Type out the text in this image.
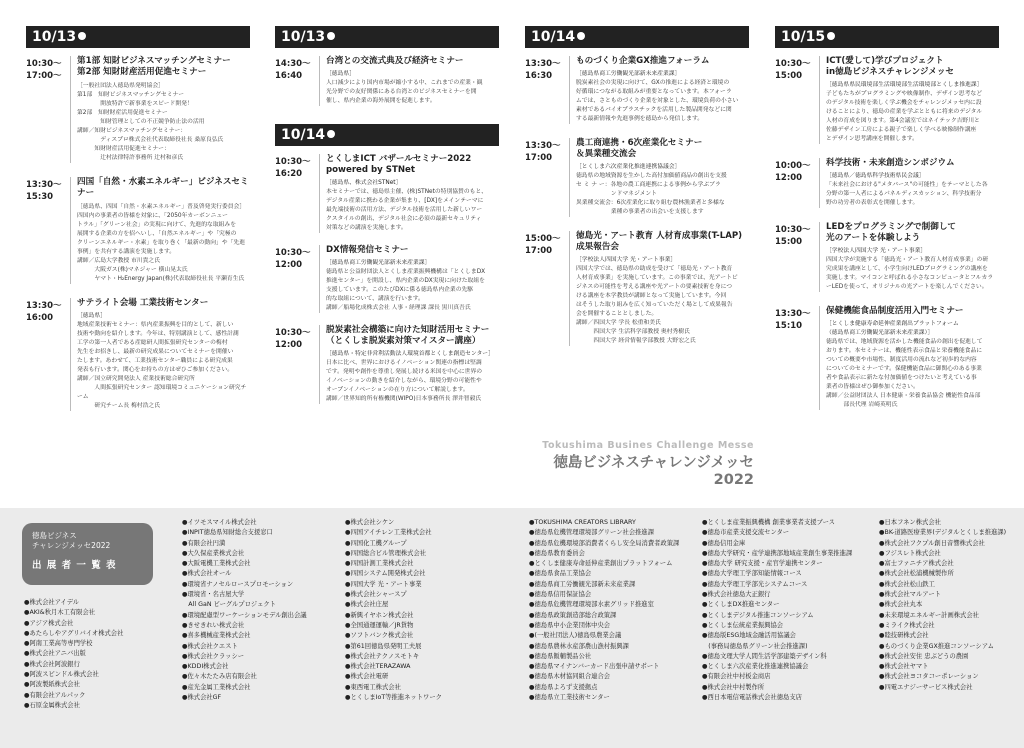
10/13
10:30～
17:00～
第1部 知財ビジネスマッチングセミナー
第2部 知財財産活用促進セミナー
［一般社団法人徳島県発明協会］
第1部　知財ビジネスマッチングセミナー
　　　　開放特許で新事業をスピード開発！
第2部　知財財産活用促進セミナー
　　　　知財管理としての不正競争防止法の活用
講師／知財ビジネスマッチングセミナー：
　　　　ディスプロ株式会社代表取締役社長 桑原良弘氏
　　　知財財産活用促進セミナー：
　　　　辻村法律特許事務所 辻村和彦氏
13:30～
15:30
四国「自然・水素エネルギー」ビジネスセミナー
［徳島県、四国「自然・水素エネルギー」普及啓発実行委員会］
四国内の事業者の皆様を対象に、「2050年カーボンニュー
トラル」「グリーン社会」の実現に向けて、先進的な取組みを
展開する企業の方を招へいし、「自然エネルギー」や「究極の
クリーンエネルギー・水素」を取り巻く「最新の動向」や「先進
事例」を共有する講演を実施します。
講師／広島大学教授 市川貴之氏
　　　大阪ガス(株)マネジャー 横山晃太氏
　　　ヤマト・H₂Energy Japan(株)代表取締役社長 平瀬育生氏
13:30～
16:00
サテライト会場 工業技術センター
［徳島県］
地域産業技術セミナー：県内産業振興を目的として、新しい
技術や動向を紹介します。今年は、特別講演として、感性計測
工学の第一人者である産総研人間拡張研究センターの梅村
先生をお招きし、最新の研究成果についてセミナーを開催い
たします。あわせて、工業技術センター職員による研究成果
発表も行います。関心をお持ちの方はぜひご参加ください。
講師／国立研究開発法人 産業技術総合研究所
　　　人間拡張研究センター 認知環境コミュニケーション研究チーム
　　　研究チーム長 梅村浩之氏
10/13
14:30～
16:40
台湾との交流式典及び経済セミナー
［徳島県］
人口減少により国内市場が縮小する中、これまでの産業・観
光分野での友好関係にある台湾とのビジネスセミナーを開
催し、県内企業の海外展開を促進します。
10/14
10:30～
16:20
とくしまICT バザールセミナー2022
powered by STNet
［徳島県、株式会社STNet］
本セミナーでは、徳島県主催、(株)STNetの特別協賛のもと、
デジタル産業に携わる企業が集まり、[DX]をメインテーマに
最先端技術の活用方法、デジタル技術を活用した新しいワー
クスタイルの創出、デジタル社会に必須の最新セキュリティ
対策などの講演を実施します。
10:30～
12:00
DX情報発信セミナー
［徳島県商工労働観光部新未来産業課］
徳島県と公益財団法人とくしま産業振興機構は「とくしまDX
推進センター」を開設し、県内企業のDX実現に向けた取組を
支援しています。このたびDXに係る徳島県内企業の先駆
的な取組について、講演を行います。
講師／船場化成株式会社 人事・経理課 課長 黒川真吾氏
10:30～
12:00
脱炭素社会構築に向けた知財活用セミナー
（とくしま脱炭素対策マイスター講座）
［徳島県・特定非営利活動法人環境首都とくしま創造センター］
日本に比べ、世界におけるイノベーション関連の指標は堅調
です。発明や創作を尊重し発展し続ける米国を中心に世界の
イノベーションの動きを紹介しながら、環境分野の可能性や
オープンイノベーションの在り方について解説します。
講師／世界知的所有権機関(WIPO)日本事務所長 澤井智毅氏
10/14
13:30～
16:30
ものづくり企業GX推進フォーラム
［徳島県商工労働観光部新未来産業課］
脱炭素社会の実現に向けて、GXの推進による経済と環境の
好循環につながる取組みが重要となっています。本フォーラ
ムでは、さとものづくり企業を対象とした、環境負荷の小さい
素材であるバイオプラスチックを活用した製品開発などに関
する最新情報や先進事例を徳島から発信します。
13:30～
17:00
農工商連携・6次産業化セミナー
＆異業種交流会
［とくしま六次産業化推進連携協議会］
徳島県の地域資源を生かした高付加価値商品の創出を支援
セ ミ ナ ー：各地の農工商連携による事例から学ぶブラ
　　　　　　ンドマネジメント
異業種交流会：6次産業化に取り組む農林漁業者と多様な
　　　　　　業種の事業者の出会いを支援します
15:00～
17:00
徳島光・アート教育 人材育成事業(T-LAP)成果報告会
［学校法人四国大学 光・アート事業］
四国大学では、徳島県の助成を受けて「徳島光・アート教育
人材育成事業」を実施しています。この事業では、光アートビ
ジネスの可能性を考える講座や光アートの要素技術を身につ
ける講座を本学教員が講師となって実施しています。今回
はそうした取り組みを広く知っていただく場として成果報告
会を開催することとしました。
講師／四国大学 学長 松重和美氏
　　　四国大学 生活科学部教授 奥村秀樹氏
　　　四国大学 経営情報学部教授 大野宏之氏
10/15
10:30～
15:00
ICT(愛して)学びプロジェクト
in徳島ビジネスチャレンジメッセ
［徳島県県民環境部生活環境部生活環境部とくしま推進課］
子どもたちがプログラミングや映像制作、デザイン思考など
のデジタル技術を楽しく学ぶ機会をチャレンジメッセ内に設
けることにより、徳島の産業を学ぶとともに将来のデジタル
人材の育成を図ります。第4会議室ではネイテック吉野川と
佐藤デザイン工房による親子で楽しく学べる映像制作講座
とデザイン思考講座を開催します。
10:00～
12:00
科学技術・未来創造シンポジウム
［徳島県／徳島県科学技術県民会議］
「未来社会における"メタバース"の可能性」をテーマとした各
分野の第一人者によるパネルディスカッション、科学技術分
野の功労者の表彰式を開催します。
10:30～
15:00
LEDをプログラミングで制御して
光のアートを体験しよう
［学校法人四国大学 光・アート事業］
四国大学が実施する「徳島光・アート教育人材育成事業」の研
究成果を講座として、小学生向けLEDプログラミングの講座を
実施します。マイコンと呼ばれる小さなコンピュータとフルカラ
ーLEDを使って、オリジナルの光アートを楽しんでください。
13:30～
15:10
保健機能食品制度活用入門セミナー
［とくしま健康寿命延伸産業創出プラットフォーム
（徳島県商工労働観光部新未来産業課）］
徳島県では、地域資源を活かした機能食品の創出を促進して
おります。本セミナーは、機能性表示食品と栄養機能食品に
ついての概要や市場性、制度活用の流れなど初歩的な内容
についてのセミナーです。保健機能食品に御関心のある事業
者や食品表示に新たな付加価値をつけたいと考えている事
業者の皆様はぜひ御参加ください。
講師／公益財団法人 日本健康・栄養食品協会 機能性食品部
　　　部長代理 岩崎英明氏
Tokushima Busines Challenge Messe
徳島ビジネスチャレンジメッセ 2022
徳島ビジネス
チャレンジメッセ2022
出 展 者 一 覧 表
●株式会社アイデル
●AKI&秋月木工有限会社
●アジア株式会社
●あたらしやアグリバイオ株式会社
●阿南工業高等専門学校
●株式会社アニバ出版
●株式会社阿波銀行
●阿波スピンドル株式会社
●阿波製紙株式会社
●有限会社アルパック
●石原金属株式会社
●イツモスマイル株式会社
●INPIT徳島県知財総合支援窓口
●有限会社円満
●大久保産業株式会社
●大阪電機工業株式会社
●株式会社オール
●環境省ナノセルロースプロモーション
●環境省・名古屋大学
　All GaN ビーグルプロジェクト
●環境配慮型ワーケーションモデル創出会議
●きせきれい株式会社
●喜多機械産業株式会社
●株式会社クエスト
●株式会社クラッシー
●KDDI株式会社
●佐々木たたみ店有限会社
●産光金属工業株式会社
●株式会社GF
●株式会社シケン
●四国アイチレン工業株式会社
●四国化工機グループ
●四国総合ビル管理株式会社
●四国計測工業株式会社
●四国システム開発株式会社
●四国大学 光・アート事業
●株式会社シャースプ
●株式会社庄屋
●新興イヤホン株式会社
●全国通運運輸／JR貨物
●ソフトバンク株式会社
●第61回徳島県発明工夫展
●株式会社テクノスモトキ
●株式会社TERAZAWA
●株式会社電研
●東西電工株式会社
●とくしまIoT等推進ネットワーク
●TOKUSHIMA CREATORS LIBRARY
●徳島県危機管理環境部グリーン社会推進課
●徳島県危機環境部消費者くらし安全局消費者政策課
●徳島県教育委員会
●とくしま健康寿命延伸産業創出プラットフォーム
●徳島県食品工業協会
●徳島県商工労働観光部新未来産業課
●徳島県信用保証協会
●徳島県危機管理環境部水素グリッド推進室
●徳島県政策創造部総合政策課
●徳島県中小企業団体中央会
●(一般社団法人)徳島県農業会議
●徳島県農林水産部農山漁村振興課
●徳島県飯輔製品公社
●徳島県マイナンバーカード出張申請サポート
●徳島県木材協同組合連合会
●徳島県よろず支援拠点
●徳島県立工業技術センター
●とくしま産業振興機構 創業事業者支援ブース
●徳島市産業支援交流センター
●徳島信用金庫
●徳島大学研究・産学連携部地域産業創生事業推進課
●徳島大学 研究支援・産官学連携センター
●徳島大学理工学部知能情報コース
●徳島大学理工学部光システムコース
●株式会社徳島大正銀行
●とくしまDX推進センター
●とくしまデジタル推進コンソーシアム
●とくしま伝統産業振興協会
●徳島版ESG地域金融活用協議会
　(事務局徳島県グリーン社会推進課)
●徳島文理大学人間生活学部建築デザイン科
●とくしま六次産業化推進連携協議会
●有限会社中村板金商店
●株式会社中村製作所
●西日本電信電話株式会社徳島支店
●日本フネン株式会社
●BK-道路医療業界(デジタルとくしま推進課)
●株式会社フクプル創日音響株式会社
●フジスレト株式会社
●富士ファニチア株式会社
●株式会社松浦機械製作所
●株式会社松山鉄工
●株式会社マルアート
●株式会社丸本
●未来環境エネルギー計画株式会社
●ミライク株式会社
●睦技研株式会社
●ものづくり企業GX推進コンソーシアム
●株式会社安住 忠ぶどうの農園
●株式会社ヤマト
●株式会社ヨコタコーポレーション
●四電エナジーサービス株式会社
